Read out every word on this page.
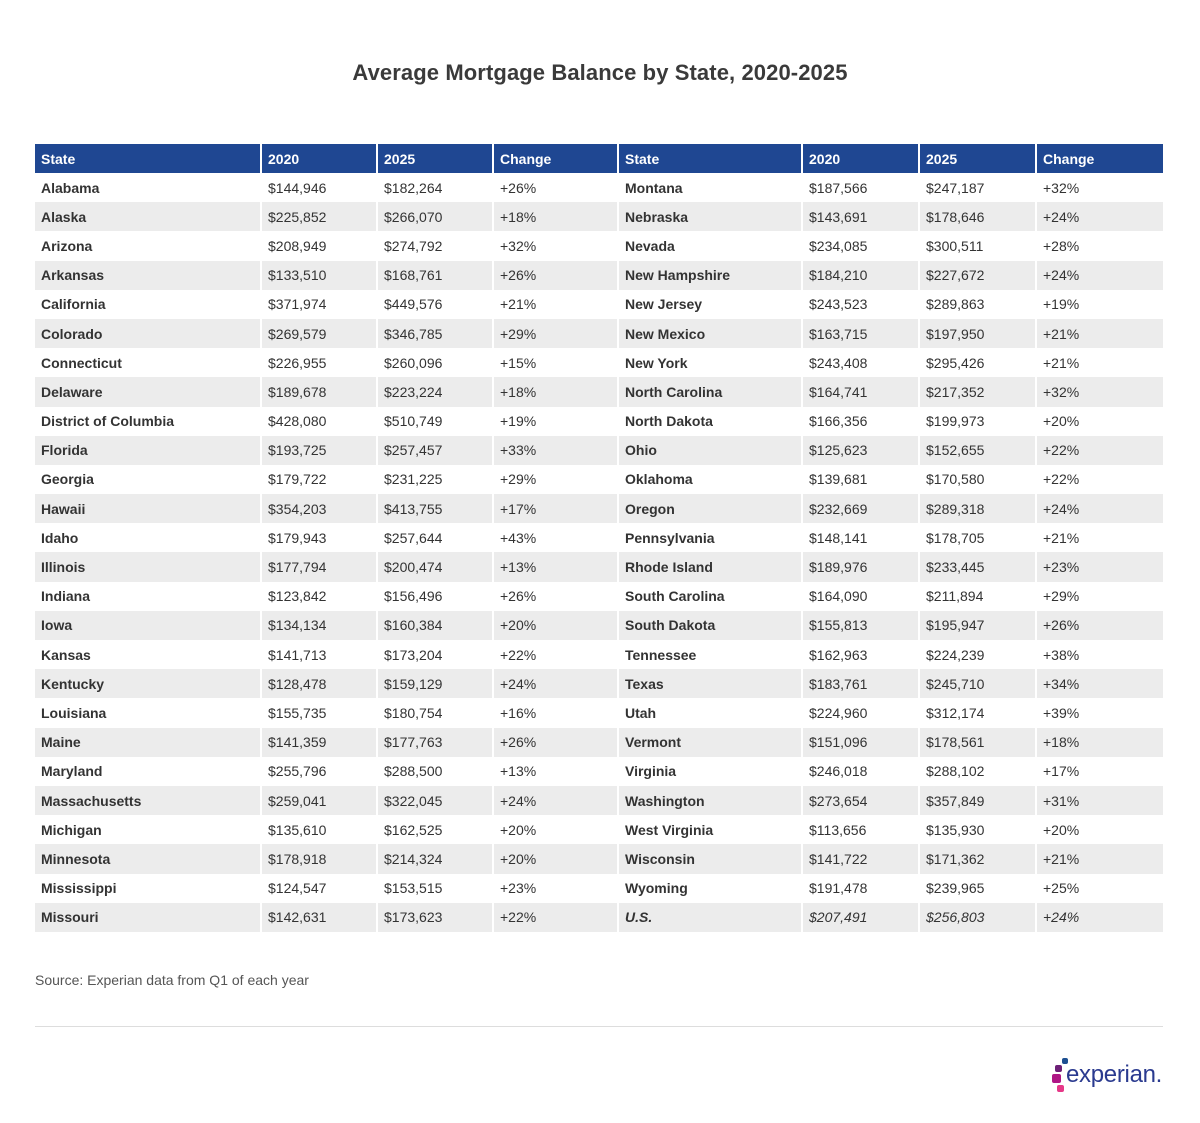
Average Mortgage Balance by State, 2020-2025
State	2020	2025	Change	State	2020	2025	Change
Alabama	$144,946	$182,264	+26%	Montana	$187,566	$247,187	+32%
Alaska	$225,852	$266,070	+18%	Nebraska	$143,691	$178,646	+24%
Arizona	$208,949	$274,792	+32%	Nevada	$234,085	$300,511	+28%
Arkansas	$133,510	$168,761	+26%	New Hampshire	$184,210	$227,672	+24%
California	$371,974	$449,576	+21%	New Jersey	$243,523	$289,863	+19%
Colorado	$269,579	$346,785	+29%	New Mexico	$163,715	$197,950	+21%
Connecticut	$226,955	$260,096	+15%	New York	$243,408	$295,426	+21%
Delaware	$189,678	$223,224	+18%	North Carolina	$164,741	$217,352	+32%
District of Columbia	$428,080	$510,749	+19%	North Dakota	$166,356	$199,973	+20%
Florida	$193,725	$257,457	+33%	Ohio	$125,623	$152,655	+22%
Georgia	$179,722	$231,225	+29%	Oklahoma	$139,681	$170,580	+22%
Hawaii	$354,203	$413,755	+17%	Oregon	$232,669	$289,318	+24%
Idaho	$179,943	$257,644	+43%	Pennsylvania	$148,141	$178,705	+21%
Illinois	$177,794	$200,474	+13%	Rhode Island	$189,976	$233,445	+23%
Indiana	$123,842	$156,496	+26%	South Carolina	$164,090	$211,894	+29%
Iowa	$134,134	$160,384	+20%	South Dakota	$155,813	$195,947	+26%
Kansas	$141,713	$173,204	+22%	Tennessee	$162,963	$224,239	+38%
Kentucky	$128,478	$159,129	+24%	Texas	$183,761	$245,710	+34%
Louisiana	$155,735	$180,754	+16%	Utah	$224,960	$312,174	+39%
Maine	$141,359	$177,763	+26%	Vermont	$151,096	$178,561	+18%
Maryland	$255,796	$288,500	+13%	Virginia	$246,018	$288,102	+17%
Massachusetts	$259,041	$322,045	+24%	Washington	$273,654	$357,849	+31%
Michigan	$135,610	$162,525	+20%	West Virginia	$113,656	$135,930	+20%
Minnesota	$178,918	$214,324	+20%	Wisconsin	$141,722	$171,362	+21%
Mississippi	$124,547	$153,515	+23%	Wyoming	$191,478	$239,965	+25%
Missouri	$142,631	$173,623	+22%	U.S.	$207,491	$256,803	+24%
Source: Experian data from Q1 of each year
experian.
